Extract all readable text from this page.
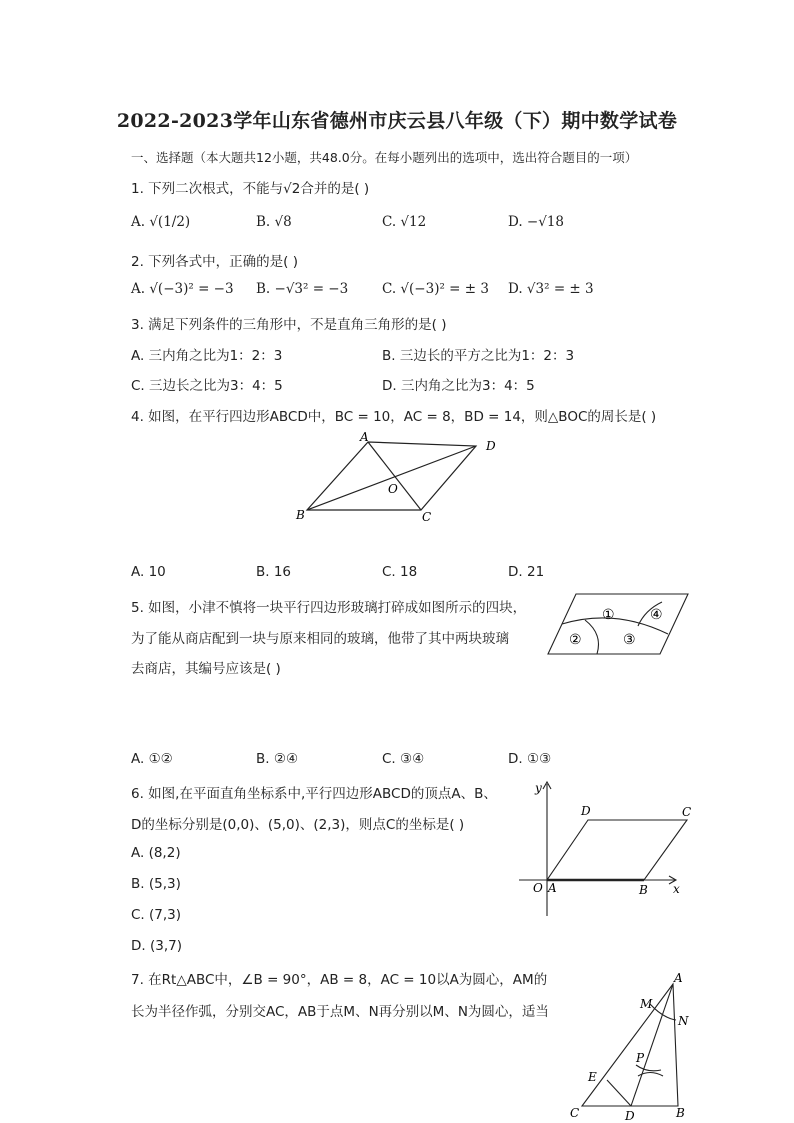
2022-2023学年山东省德州市庆云县八年级（下）期中数学试卷
一、选择题（本大题共12小题，共48.0分。在每小题列出的选项中，选出符合题目的一项）
1. 下列二次根式，不能与√2合并的是( )
A. √(1/2)	B. √8	C. √12	D. −√18
2. 下列各式中，正确的是( )
A. √(−3)² = −3 B. −√3² = −3	C. √(−3)² = ± 3 D. √3² = ± 3
3. 满足下列条件的三角形中，不是直角三角形的是( )
A. 三内角之比为1：2：3	B. 三边长的平方之比为1：2：3
C. 三边长之比为3：4：5	D. 三内角之比为3：4：5
4. 如图，在平行四边形ABCD中，BC = 10，AC = 8，BD = 14，则△BOC的周长是( )
A
D
O
B	C
A. 10	B. 16	C. 18	D. 21
5. 如图，小津不慎将一块平行四边形玻璃打碎成如图所示的四块，
为了能从商店配到一块与原来相同的玻璃，他带了其中两块玻璃
去商店，其编号应该是( )
①	④
②	③
A. ①②	B. ②④	C. ③④	D. ①③
6. 如图,在平面直角坐标系中,平行四边形ABCD的顶点A、B、
D的坐标分别是(0,0)、(5,0)、(2,3)，则点C的坐标是( )
y
D	C
O A	B x
A. (8,2)
B. (5,3)
C. (7,3)
D. (3,7)
7. 在Rt△ABC中，∠B = 90°，AB = 8，AC = 10以A为圆心，AM的
长为半径作弧，分别交AC，AB于点M、N再分别以M、N为圆心，适当
A
M
N
P
E
C	D	B
